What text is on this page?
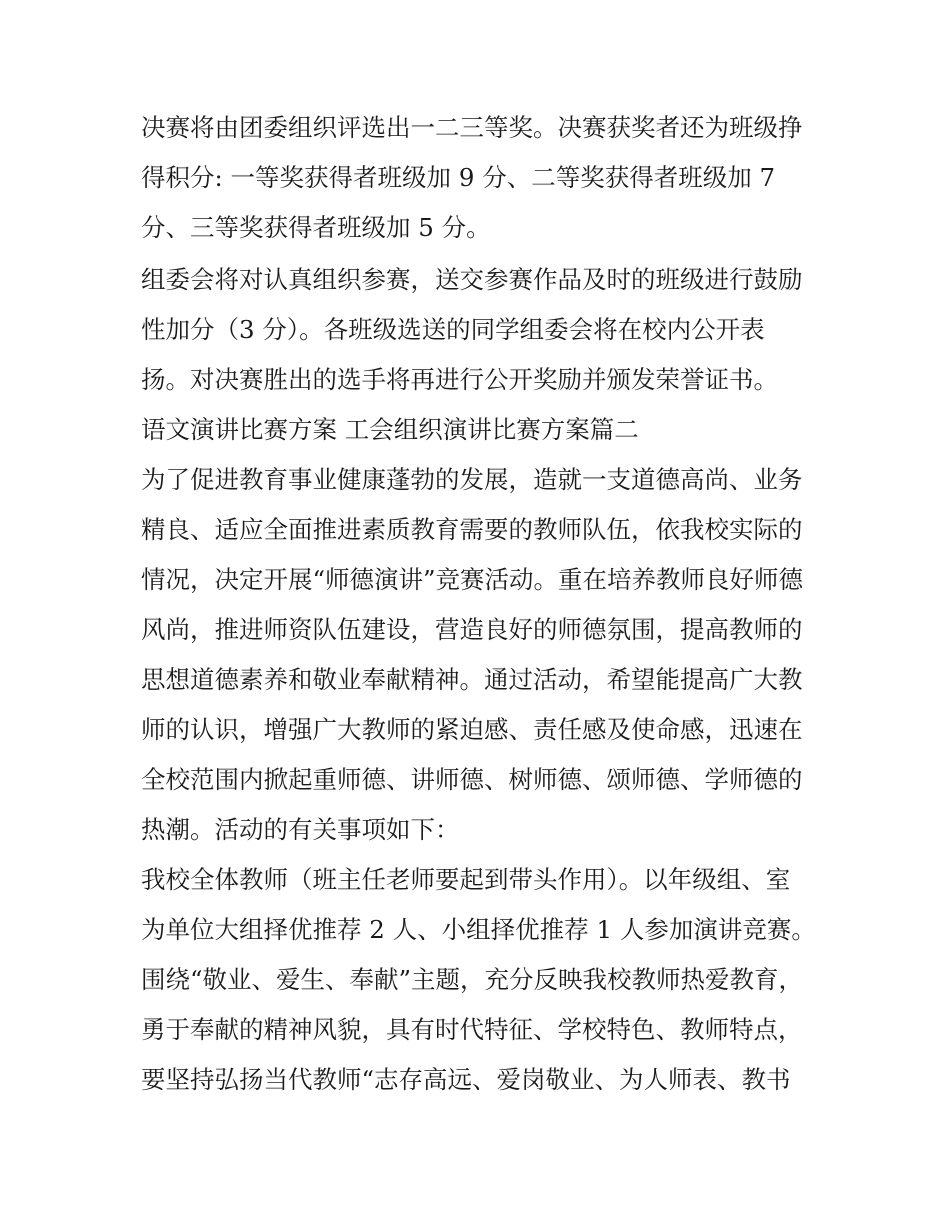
决赛将由团委组织评选出一二三等奖。决赛获奖者还为班级挣
得积分: 一等奖获得者班级加 9 分、二等奖获得者班级加 7
分、三等奖获得者班级加 5 分。
组委会将对认真组织参赛，送交参赛作品及时的班级进行鼓励
性加分（3 分）。各班级选送的同学组委会将在校内公开表
扬。对决赛胜出的选手将再进行公开奖励并颁发荣誉证书。
语文演讲比赛方案 工会组织演讲比赛方案篇二
为了促进教育事业健康蓬勃的发展，造就一支道德高尚、业务
精良、适应全面推进素质教育需要的教师队伍，依我校实际的
情况，决定开展“师德演讲”竞赛活动。重在培养教师良好师德
风尚，推进师资队伍建设，营造良好的师德氛围，提高教师的
思想道德素养和敬业奉献精神。通过活动，希望能提高广大教
师的认识，增强广大教师的紧迫感、责任感及使命感，迅速在
全校范围内掀起重师德、讲师德、树师德、颂师德、学师德的
热潮。活动的有关事项如下：
我校全体教师（班主任老师要起到带头作用）。以年级组、室
为单位大组择优推荐 2 人、小组择优推荐 1 人参加演讲竞赛。
围绕“敬业、爱生、奉献”主题，充分反映我校教师热爱教育，
勇于奉献的精神风貌，具有时代特征、学校特色、教师特点，
要坚持弘扬当代教师“志存高远、爱岗敬业、为人师表、教书
